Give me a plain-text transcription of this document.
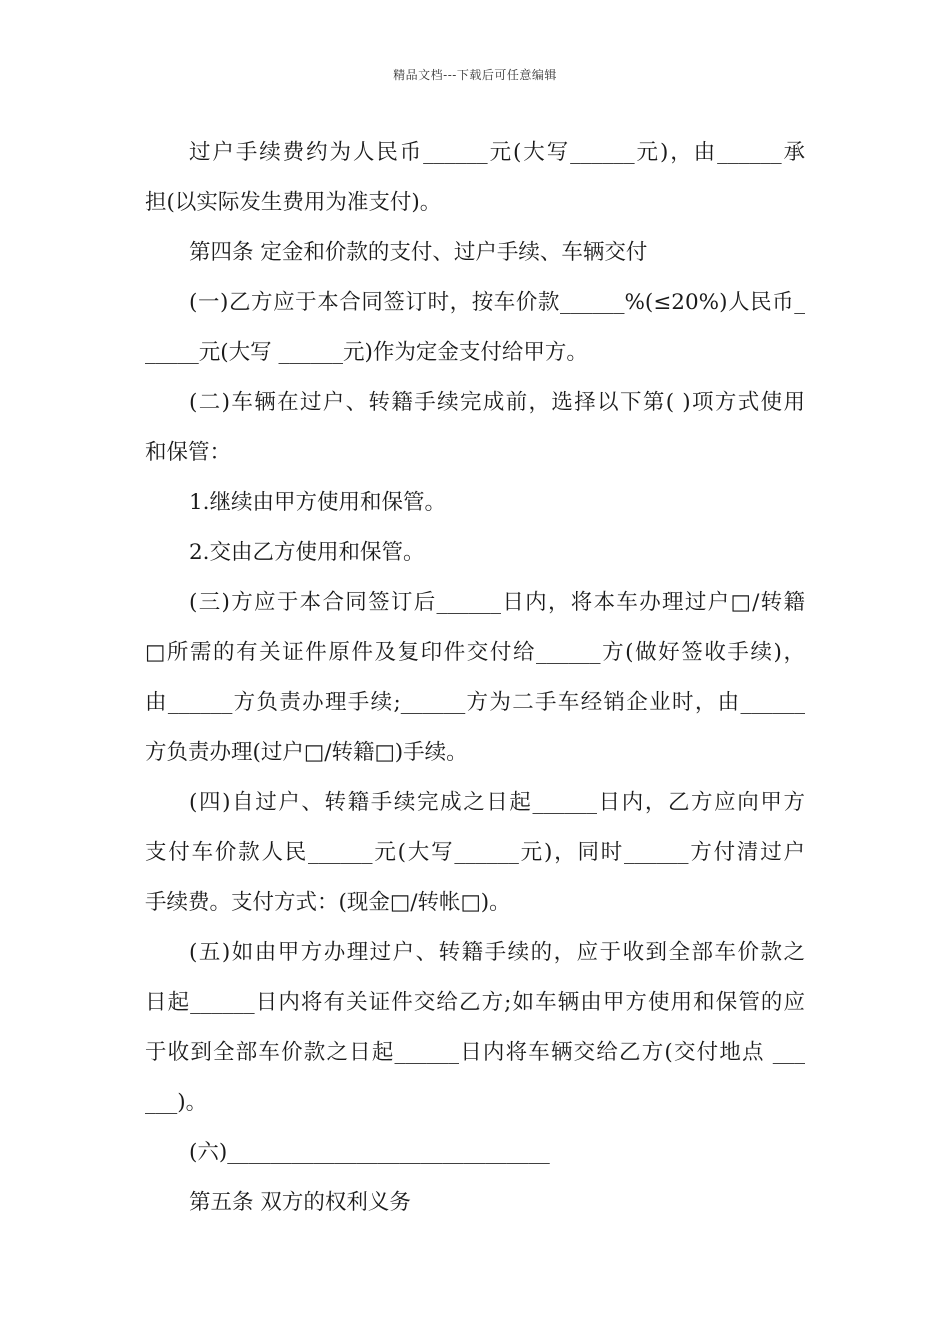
精品文档---下载后可任意编辑
过户手续费约为人民币______元(大写______元)，由______承
担(以实际发生费用为准支付)。
第四条 定金和价款的支付、过户手续、车辆交付
(一)乙方应于本合同签订时，按车价款______%(≤20%)人民币_
_____元(大写 ______元)作为定金支付给甲方。
(二)车辆在过户、转籍手续完成前，选择以下第( )项方式使用
和保管：
1.继续由甲方使用和保管。
2.交由乙方使用和保管。
(三)方应于本合同签订后______日内，将本车办理过户□/转籍
□所需的有关证件原件及复印件交付给______方(做好签收手续)，
由______方负责办理手续;______方为二手车经销企业时，由______
方负责办理(过户□/转籍□)手续。
(四)自过户、转籍手续完成之日起______日内，乙方应向甲方
支付车价款人民______元(大写______元)，同时______方付清过户
手续费。支付方式：(现金□/转帐□)。
(五)如由甲方办理过户、转籍手续的，应于收到全部车价款之
日起______日内将有关证件交给乙方;如车辆由甲方使用和保管的应
于收到全部车价款之日起______日内将车辆交给乙方(交付地点 ___
___)。
(六)______________________________
第五条 双方的权利义务
